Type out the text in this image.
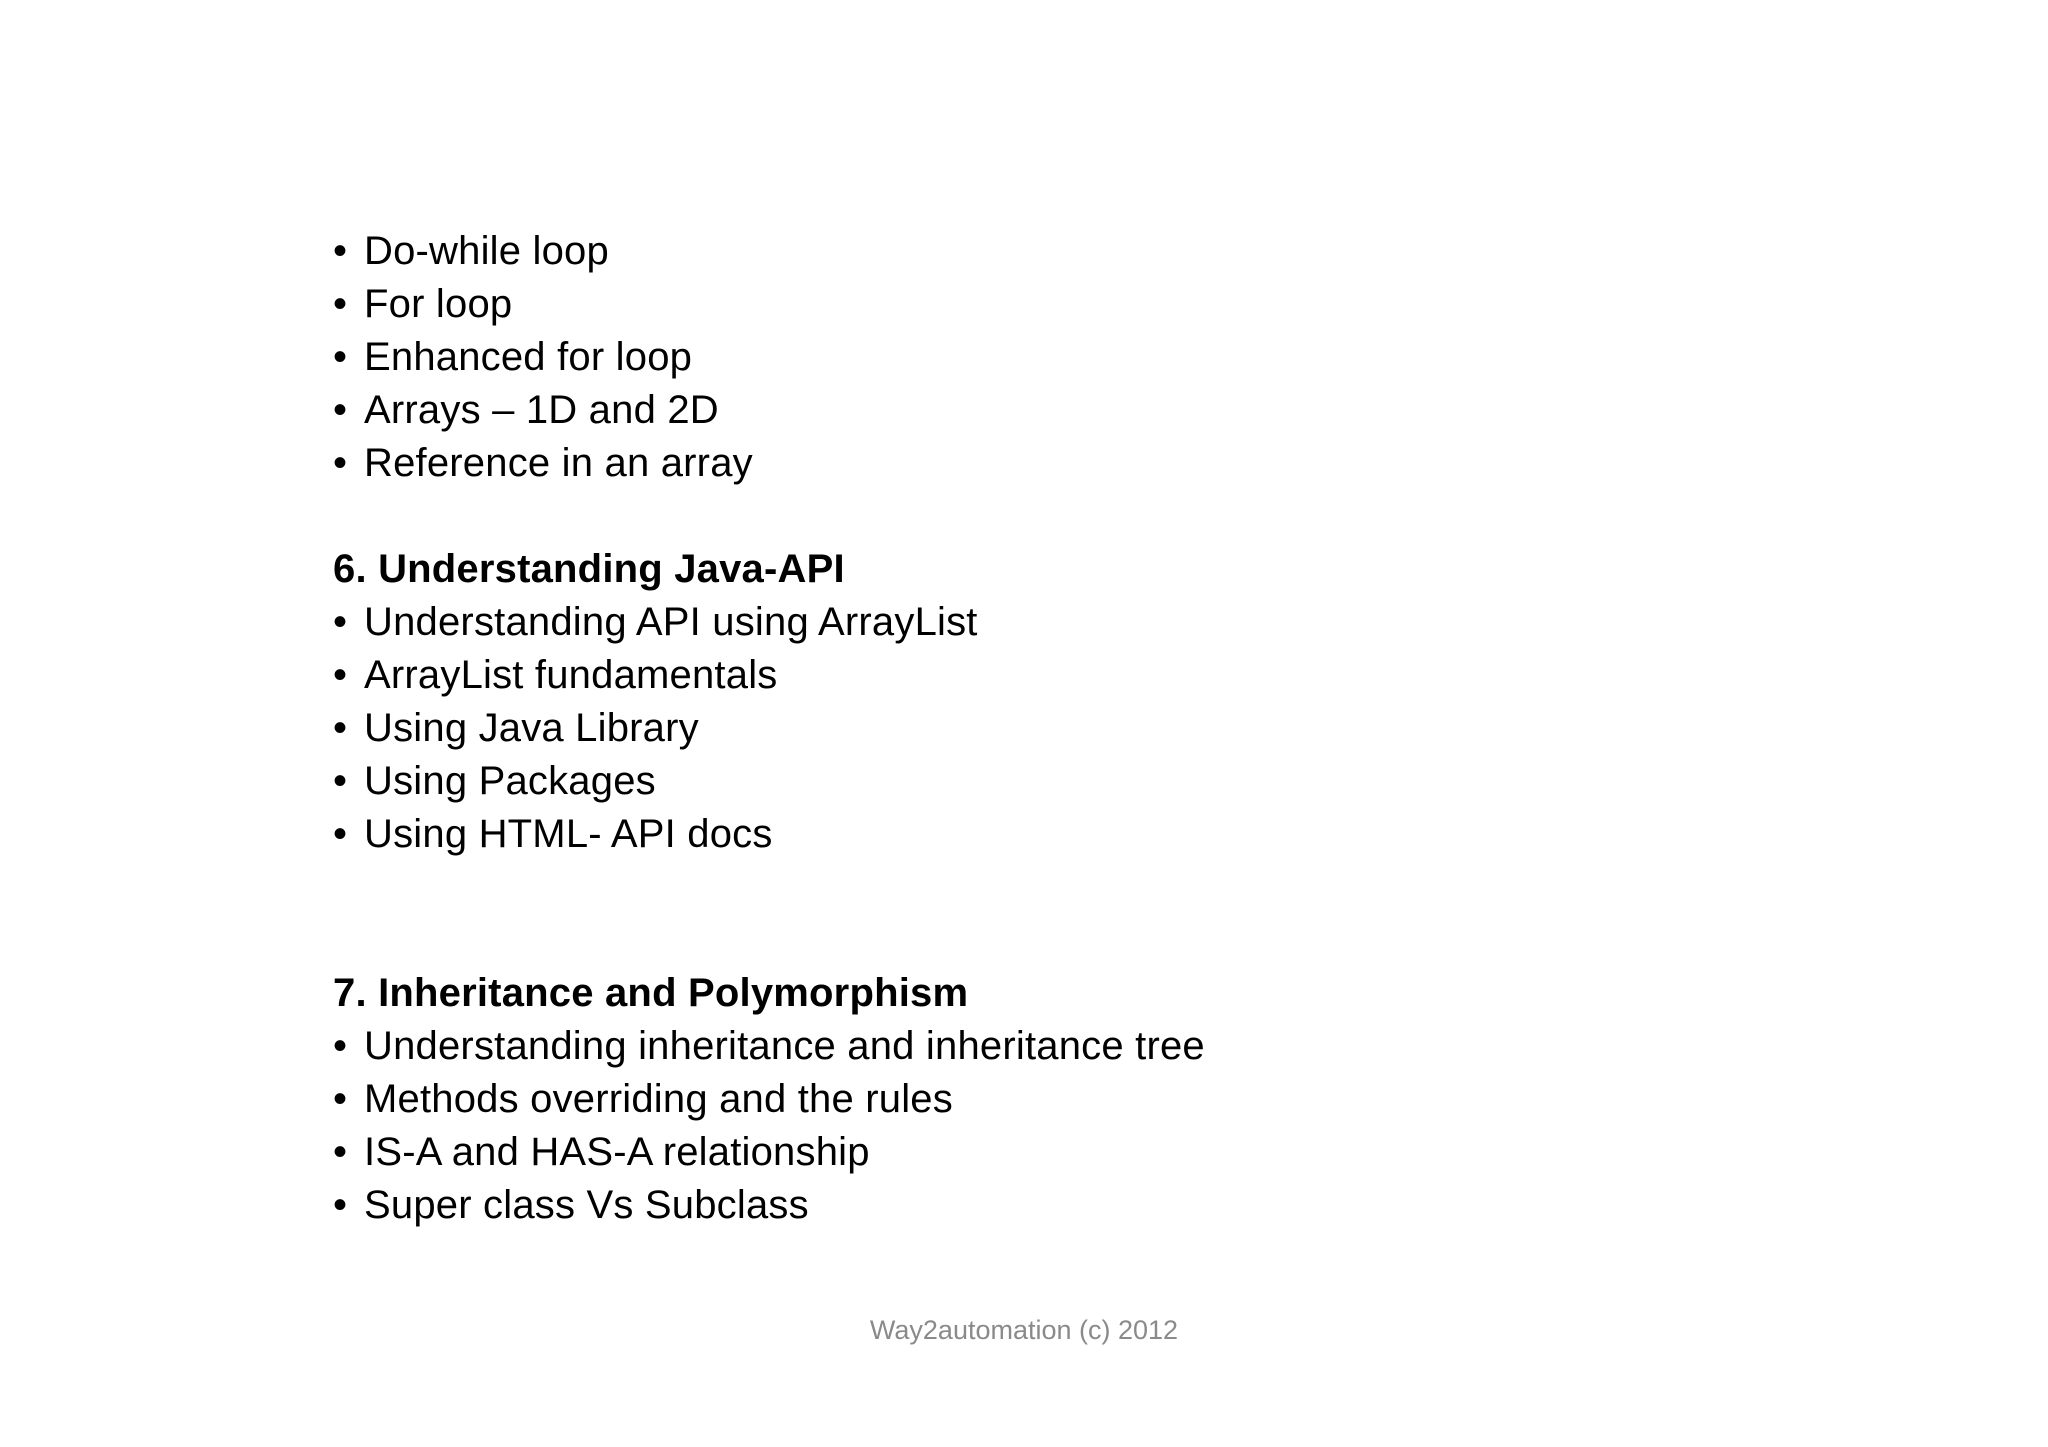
• Do-while loop
• For loop
• Enhanced for loop
• Arrays – 1D and 2D
• Reference in an array
6. Understanding Java-API
• Understanding API using ArrayList
• ArrayList fundamentals
• Using Java Library
• Using Packages
• Using HTML- API docs
7. Inheritance and Polymorphism
• Understanding inheritance and inheritance tree
• Methods overriding and the rules
• IS-A and HAS-A relationship
• Super class Vs Subclass
Way2automation (c) 2012
